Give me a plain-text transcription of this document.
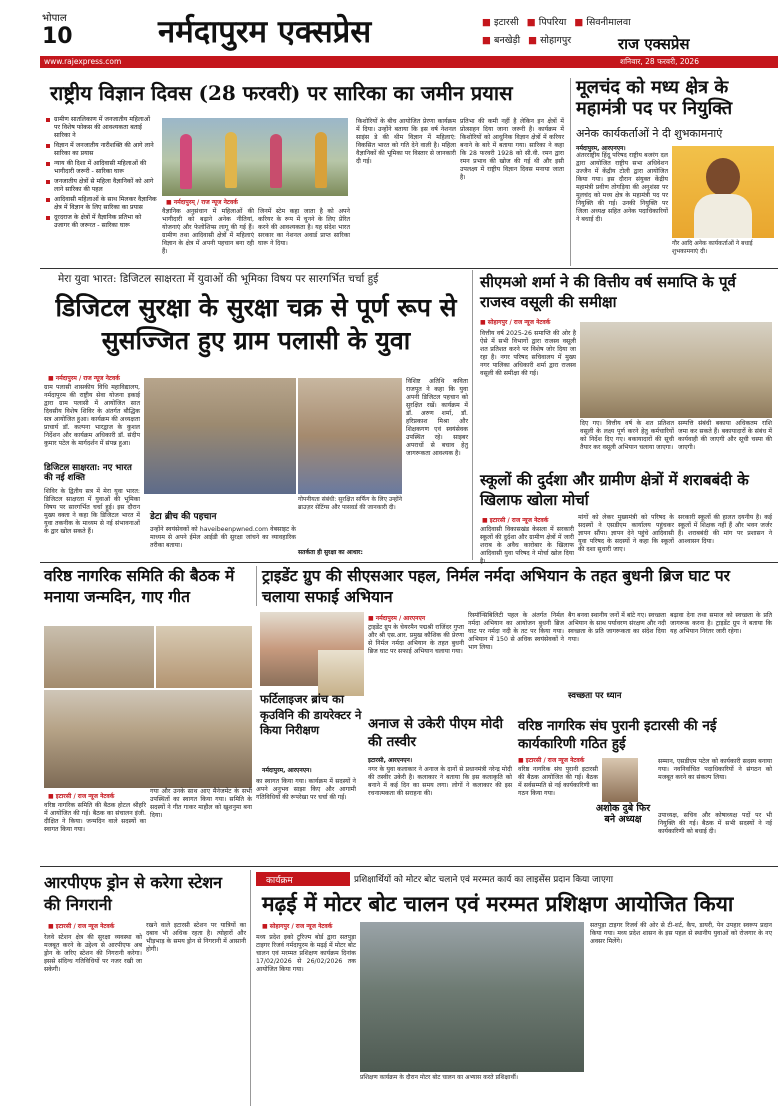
भोपाल
10	नर्मदापुरम एक्सप्रेस	■ इटारसी ■ पिपरिया ■ सिवनीमालवा
■ बनखेड़ी ■ सोहागपुर	राज एक्सप्रेस
www.rajexpress.com	शनिवार, 28 फरवरी, 2026
राष्ट्रीय विज्ञान दिवस (28 फरवरी) पर सारिका का जमीन प्रयास
ग्रामीण सातलिकाण में जनजातीय महिलाओं पर विशेष फोकस की आवश्यकता बताई सारिका ने
विज्ञान में जनजातीय नारीशक्ति की आगे लाने सारिका का प्रयास
न्याय की दिशा में आदिवासी महिलाओं की भागीदारी जरूरी - सारिका घारू
जनजातीय क्षेत्रों से महिला वैज्ञानिकों को आगे लाने सारिका की पहल
आदिवासी महिलाओं के साथ मिलकर वैज्ञानिक क्षेत्र में विज्ञान के लिए सारिका का प्रयास
दूरदराज के क्षेत्रों में वैज्ञानिक प्रतिभा को उजागर की जरूरत - सारिका घारू
■ नर्मदापुरम् / राज न्यूज नेटवर्क
वैज्ञानिक अनुसंधान में महिलाओं की भागीदारी को बढ़ाने अनेक नीतियां, योजनाएं और फेलोशिप्स लागू की गई हैं। ग्रामीण तथा आदिवासी क्षेत्रों में महिलाएं विज्ञान के क्षेत्र में अपनी पहचान बना रही हैं।
जिनमें स्टेम कहा जाता है को अपने करियर के रूप में चुनने के लिए प्रेरित करने की आवश्यकता है। यह संदेश भारत सरकार का नेशनल अवार्ड प्राप्त सारिका घारू ने दिया।
किशोरियों के बीच आयोजित प्रेरणा कार्यक्रम में दिया। उन्होंने बताया कि इस वर्ष नेशनल साइंस डे की थीम विज्ञान में महिलाएं: विकसित भारत को गति देने वाली है। महिला वैज्ञानिकों की भूमिका पर विस्तार से जानकारी दी गई।
प्रतिभा की कमी नहीं है लेकिन इन क्षेत्रों में प्रोत्साहन दिया जाना जरूरी है। कार्यक्रम में किशोरियों को आधुनिक विज्ञान क्षेत्रों में करियर बनाने के बारे में बताया गया। सारिका ने कहा कि 28 फरवरी 1928 को सी.वी. रमन द्वारा रमन प्रभाव की खोज की गई थी और इसी उपलक्ष्य में राष्ट्रीय विज्ञान दिवस मनाया जाता है।
मूलचंद को मध्य क्षेत्र के महामंत्री पद पर नियुक्ति
अनेक कार्यकर्ताओं ने दी शुभकामनाएं
नर्मदापुरम, आरएनएन।
अंतरराष्ट्रीय हिंदू परिषद राष्ट्रीय बजरंग दल द्वारा आयोजित राष्ट्रीय सभा अधिवेशन उज्जैन में केंद्रीय टोली द्वारा आयोजित किया गया। इस दौरान संयुक्त केंद्रीय महामंत्री प्रवीण तोगड़िया की अनुशंसा पर मूलचंद को मध्य क्षेत्र के महामंत्री पद पर नियुक्ति की गई। उनकी नियुक्ति पर जिला अध्यक्ष सहित अनेक पदाधिकारियों ने बधाई दी।
गौर आदि अनेक कार्यकर्ताओं ने बधाई शुभकामनाएं दी।
मेरा युवा भारत: डिजिटल साक्षरता में युवाओं की भूमिका विषय पर सारगर्भित चर्चा हुई
डिजिटल सुरक्षा के सुरक्षा चक्र से पूर्ण रूप से सुसज्जित हुए ग्राम पलासी के युवा
■ नर्मदापुरम / राज न्यूज नेटवर्क
ग्राम पलासी शासकीय विधि महाविद्यालय, नर्मदापुरम की राष्ट्रीय सेवा योजना इकाई द्वारा ग्राम पलासी में आयोजित सात दिवसीय विशेष शिविर के अंतर्गत बौद्धिक सत्र आयोजित हुआ। कार्यक्रम की अध्यक्षता प्राचार्य डॉ. कल्पना भारद्वाज के कुशल निर्देशन और कार्यक्रम अधिकारी डॉ. संदीप कुमार पटेल के मार्गदर्शन में संपन्न हुआ।
डिजिटल साक्षरता: नए भारत की नई शक्ति
शिविर के द्वितीय सत्र में मेरा युवा भारत: डिजिटल साक्षरता में युवाओं की भूमिका विषय पर सारगर्भित चर्चा हुई। इस दौरान मुख्य वक्ता ने कहा कि डिजिटल भारत में युवा तकनीक के माध्यम से नई संभावनाओं के द्वार खोल सकते हैं।
गोपनीयता संबंधी: सुरक्षित सर्फिंग के लिए उन्होंने ब्राउज़र सेटिंग्स और पासवर्ड की जानकारी दी।
डेटा ब्रीच की पहचान
उन्होंने स्वयंसेवकों को haveibeenpwned.com वेबसाइट के माध्यम से अपने ईमेल आईडी की सुरक्षा जांचने का व्यावहारिक तरीका बताया।
विशिष्ट अतिथि कविता राजपूत ने कहा कि युवा अपनी डिजिटल पहचान को सुरक्षित रखें। कार्यक्रम में डॉ. अरुण शर्मा, डॉ. हरिप्रकाश मिश्रा और शिक्षकगण एवं स्वयंसेवक उपस्थित रहे। साइबर अपराधों से बचाव हेतु जागरूकता आवश्यक है।
सतर्कता ही सुरक्षा का आधार:
सीएमओ शर्मा ने की वित्तीय वर्ष समाप्ति के पूर्व राजस्व वसूली की समीक्षा
■ सोहागपुर / राज न्यूज नेटवर्क
वित्तीय वर्ष 2025-26 समाप्ति की ओर है ऐसे में सभी विभागों द्वारा राजस्व वसूली शत प्रतिशत करने पर विशेष जोर दिया जा रहा है। नगर परिषद सचिवालय में मुख्य नगर पालिका अधिकारी शर्मा द्वारा राजस्व वसूली की समीक्षा की गई।
दिए गए। वित्तीय वर्ष के शत प्रतिशत वसूली के लक्ष्य पूर्ण करने हेतु कर्मचारियों को निर्देश दिए गए। बकायादारों की सूची तैयार कर वसूली अभियान चलाया जाएगा।
सम्पत्ति संबंधी बकाया अधिकतम राशि जमा कर सकते हैं। बकायादारों के संबंध में कार्यवाही की जाएगी और सूची चस्पा की जाएगी।
स्कूलों की दुर्दशा और ग्रामीण क्षेत्रों में शराबबंदी के खिलाफ खोला मोर्चा
■ इटारसी / राज न्यूज नेटवर्क
आदिवासी विकासखंड केसला में सरकारी स्कूलों की दुर्दशा और ग्रामीण क्षेत्रों में जारी शराब के अवैध कारोबार के खिलाफ आदिवासी युवा परिषद ने मोर्चा खोल दिया
मांगों को लेकर मुख्यमंत्री को परिषद के सदस्यों ने एसडीएम कार्यालय पहुंचकर ज्ञापन सौंपा। ज्ञापन देने पहुंचे आदिवासी युवा परिषद के सदस्यों ने कहा कि स्कूलों की दशा सुधारी जाए।
सरकारी स्कूलों की हालत दयनीय है। कई स्कूलों में शिक्षक नहीं हैं और भवन जर्जर हैं। शराबबंदी की मांग पर प्रशासन ने आश्वासन दिया।
वरिष्ठ नागरिक समिति की बैठक में मनाया जन्मदिन, गाए गीत
■ इटारसी / राज न्यूज नेटवर्क
वरिष्ठ नागरिक समिति की बैठक होटल श्रीहरि में आयोजित की गई। बैठक का संचालन इंजी. दीक्षित ने किया। जन्मदिन वाले सदस्यों का स्वागत किया गया।
गया और उनके साथ आए मैनेजमेंट के सभी उपस्थितों का स्वागत किया गया। समिति के सदस्यों ने गीत गाकर माहौल को खुशनुमा बना दिया।
का स्वागत किया गया। कार्यक्रम में सदस्यों ने अपने अनुभव साझा किए और आगामी गतिविधियों की रूपरेखा पर चर्चा की गई।
ट्राइडेंट ग्रुप की सीएसआर पहल, निर्मल नर्मदा अभियान के तहत बुधनी ब्रिज घाट पर चलाया सफाई अभियान
■ नर्मदापुरम / आरएनएन
ट्राइडेंट ग्रुप के चेयरमैन पद्मश्री राजिंदर गुप्ता और श्री एस.आर. प्रमुख कौशिक की प्रेरणा से निर्मल नर्मदा अभियान के तहत बुधनी ब्रिज घाट पर सफाई अभियान चलाया गया।
रिस्पॉन्सिबिलिटी पहल के अंतर्गत निर्मल नर्मदा अभियान का आयोजन बुधनी ब्रिज घाट पर नर्मदा नदी के तट पर किया गया। अभियान में 150 से अधिक स्वयंसेवकों ने भाग लिया।
बैग बनवा स्थानीय जनों में बांटे गए। स्वच्छता अभियान के साथ पर्यावरण संरक्षण और नदी स्वच्छता के प्रति जागरूकता का संदेश दिया गया।
स्वच्छता पर ध्यान
बढ़ावा देना तथा समाज को स्वच्छता के प्रति जागरूक करना है। ट्राइडेंट ग्रुप ने बताया कि यह अभियान निरंतर जारी रहेगा।
फर्टिलाइजर ब्रांच का कृउविनि की डायरेक्टर ने किया निरीक्षण
नर्मदापुरम, आरएनएन।
अनाज से उकेरी पीएम मोदी की तस्वीर
इटारसी, आरएनएन।
नगर के युवा कलाकार ने अनाज के दानों से प्रधानमंत्री नरेन्द्र मोदी की तस्वीर उकेरी है। कलाकार ने बताया कि इस कलाकृति को बनाने में कई दिन का समय लगा। लोगों ने कलाकार की इस रचनात्मकता की सराहना की।
वरिष्ठ नागरिक संघ पुरानी इटारसी की नई कार्यकारिणी गठित हुई
■ इटारसी / राज न्यूज नेटवर्क
वरिष्ठ नागरिक संघ पुरानी इटारसी की बैठक आयोजित की गई। बैठक में सर्वसम्मति से नई कार्यकारिणी का गठन किया गया।
अशोक दुबे फिर बने अध्यक्ष
सम्मान, एसडीएम पटेल को कार्यकारी सदस्य बनाया गया। नवनिर्वाचित पदाधिकारियों ने संगठन को मजबूत करने का संकल्प लिया।
उपाध्यक्ष, सचिव और कोषाध्यक्ष पदों पर भी नियुक्ति की गई। बैठक में सभी सदस्यों ने नई कार्यकारिणी को बधाई दी।
आरपीएफ ड्रोन से करेगा स्टेशन की निगरानी
■ इटारसी / राज न्यूज नेटवर्क
रेलवे स्टेशन क्षेत्र की सुरक्षा व्यवस्था को मजबूत करने के उद्देश्य से आरपीएफ अब ड्रोन के जरिए स्टेशन की निगरानी करेगा। इससे संदिग्ध गतिविधियों पर नजर रखी जा सकेगी।
रखने वाले इटारसी स्टेशन पर यात्रियों का दबाव भी अधिक रहता है। त्योहारों और भीड़भाड़ के समय ड्रोन से निगरानी में आसानी होगी।
कार्यक्रम	प्रशिक्षार्थियों को मोटर बोट चलाने एवं मरम्मत कार्य का लाइसेंस प्रदान किया जाएगा
मढ़ई में मोटर बोट चालन एवं मरम्मत प्रशिक्षण आयोजित किया
■ सोहागपुर / राज न्यूज नेटवर्क
मध्य प्रदेश इको टूरिज्म बोर्ड द्वारा सतपुड़ा टाइगर रिजर्व नर्मदापुरम के मढ़ई में मोटर बोट चालन एवं मरम्मत प्रशिक्षण कार्यक्रम दिनांक 17/02/2026 से 26/02/2026 तक आयोजित किया गया।
प्रशिक्षण कार्यक्रम के दौरान मोटर बोट चालन का अभ्यास करते प्रशिक्षार्थी।
सतपुड़ा टाइगर रिजर्व की ओर से टी-शर्ट, कैप, डायरी, पेन उपहार स्वरूप प्रदान किया गया। मध्य प्रदेश शासन के इस पहल से स्थानीय युवाओं को रोजगार के नए अवसर मिलेंगे।
